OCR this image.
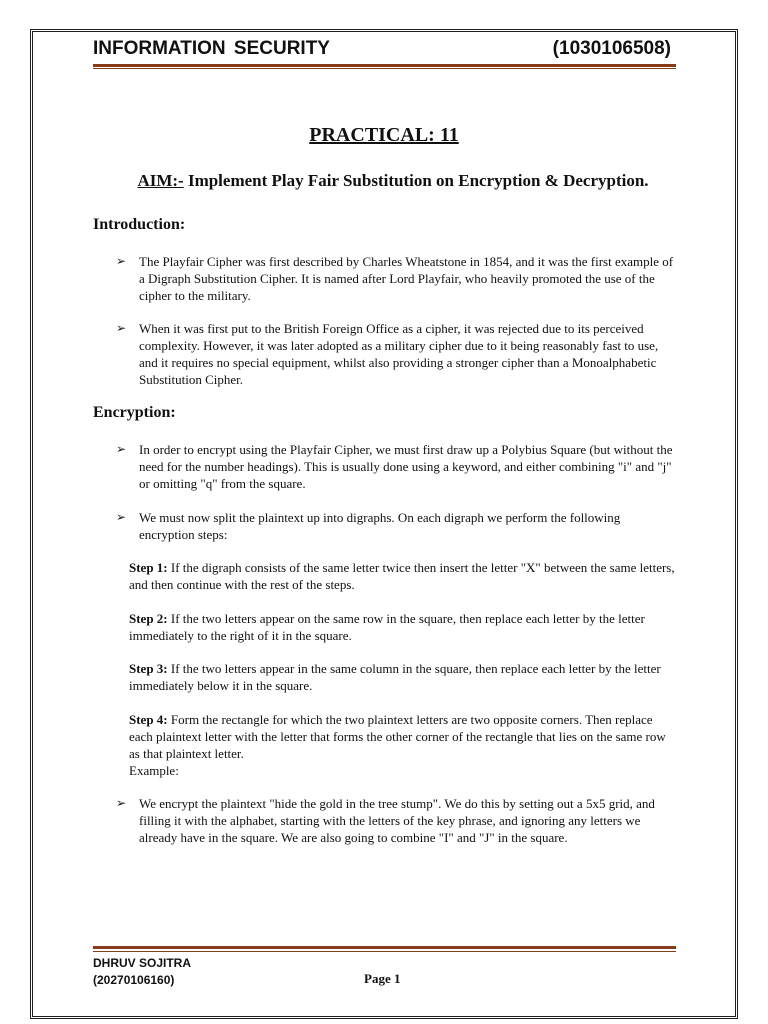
INFORMATION SECURITY	(1030106508)
PRACTICAL: 11
AIM:- Implement Play Fair Substitution on Encryption & Decryption.
Introduction:
➢ The Playfair Cipher was first described by Charles Wheatstone in 1854, and it was the first example of a Digraph Substitution Cipher. It is named after Lord Playfair, who heavily promoted the use of the cipher to the military.
➢ When it was first put to the British Foreign Office as a cipher, it was rejected due to its perceived complexity. However, it was later adopted as a military cipher due to it being reasonably fast to use, and it requires no special equipment, whilst also providing a stronger cipher than a Monoalphabetic Substitution Cipher.
Encryption:
➢ In order to encrypt using the Playfair Cipher, we must first draw up a Polybius Square (but without the need for the number headings). This is usually done using a keyword, and either combining "i" and "j" or omitting "q" from the square.
➢ We must now split the plaintext up into digraphs. On each digraph we perform the following encryption steps:
Step 1: If the digraph consists of the same letter twice then insert the letter "X" between the same letters, and then continue with the rest of the steps.
Step 2: If the two letters appear on the same row in the square, then replace each letter by the letter immediately to the right of it in the square.
Step 3: If the two letters appear in the same column in the square, then replace each letter by the letter immediately below it in the square.
Step 4: Form the rectangle for which the two plaintext letters are two opposite corners. Then replace each plaintext letter with the letter that forms the other corner of the rectangle that lies on the same row as that plaintext letter.
Example:
➢ We encrypt the plaintext "hide the gold in the tree stump". We do this by setting out a 5x5 grid, and filling it with the alphabet, starting with the letters of the key phrase, and ignoring any letters we already have in the square. We are also going to combine "I" and "J" in the square.
DHRUV SOJITRA
(20270106160)	Page 1
